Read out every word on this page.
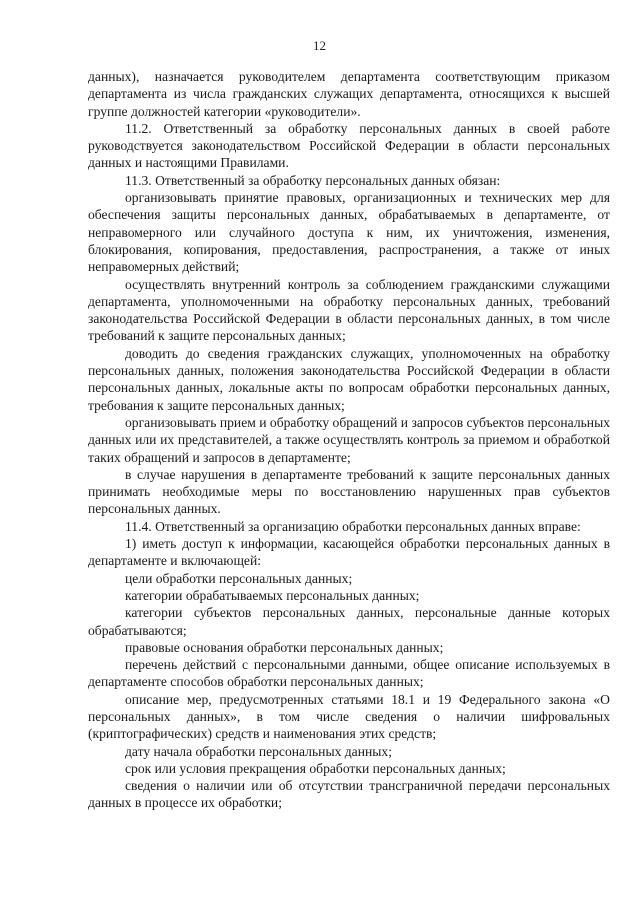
12

данных), назначается руководителем департамента соответствующим приказом департамента из числа гражданских служащих департамента, относящихся к высшей группе должностей категории «руководители».

11.2. Ответственный за обработку персональных данных в своей работе руководствуется законодательством Российской Федерации в области персональных данных и настоящими Правилами.

11.3. Ответственный за обработку персональных данных обязан:

организовывать принятие правовых, организационных и технических мер для обеспечения защиты персональных данных, обрабатываемых в департаменте, от неправомерного или случайного доступа к ним, их уничтожения, изменения, блокирования, копирования, предоставления, распространения, а также от иных неправомерных действий;

осуществлять внутренний контроль за соблюдением гражданскими служащими департамента, уполномоченными на обработку персональных данных, требований законодательства Российской Федерации в области персональных данных, в том числе требований к защите персональных данных;

доводить до сведения гражданских служащих, уполномоченных на обработку персональных данных, положения законодательства Российской Федерации в области персональных данных, локальные акты по вопросам обработки персональных данных, требования к защите персональных данных;

организовывать прием и обработку обращений и запросов субъектов персональных данных или их представителей, а также осуществлять контроль за приемом и обработкой таких обращений и запросов в департаменте;

в случае нарушения в департаменте требований к защите персональных данных принимать необходимые меры по восстановлению нарушенных прав субъектов персональных данных.

11.4. Ответственный за организацию обработки персональных данных вправе:

1) иметь доступ к информации, касающейся обработки персональных данных в департаменте и включающей:

цели обработки персональных данных;

категории обрабатываемых персональных данных;

категории субъектов персональных данных, персональные данные которых обрабатываются;

правовые основания обработки персональных данных;

перечень действий с персональными данными, общее описание используемых в департаменте способов обработки персональных данных;

описание мер, предусмотренных статьями 18.1 и 19 Федерального закона «О персональных данных», в том числе сведения о наличии шифровальных (криптографических) средств и наименования этих средств;

дату начала обработки персональных данных;

срок или условия прекращения обработки персональных данных;

сведения о наличии или об отсутствии трансграничной передачи персональных данных в процессе их обработки;
